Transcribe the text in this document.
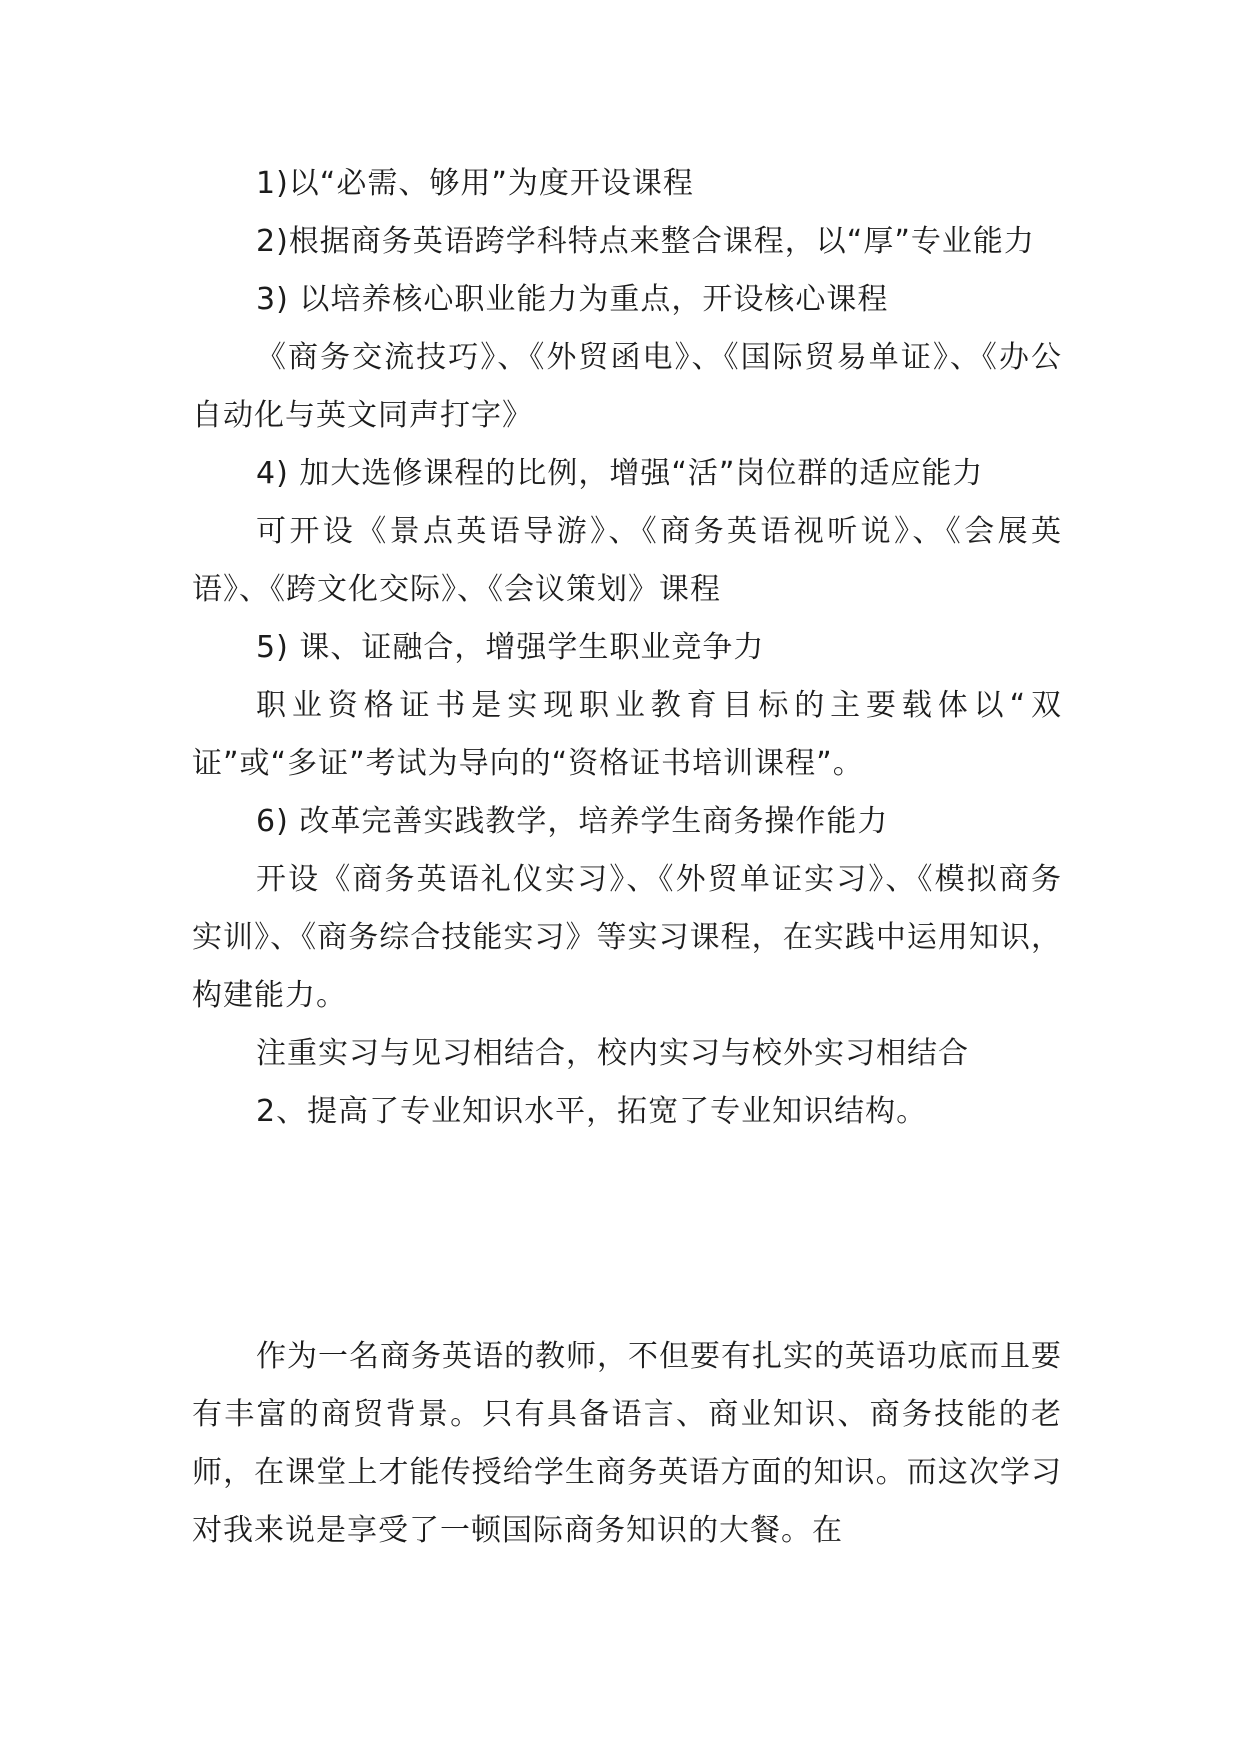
1)以“必需、够用”为度开设课程

2)根据商务英语跨学科特点来整合课程，以“厚”专业能力

3) 以培养核心职业能力为重点，开设核心课程

《商务交流技巧》、《外贸函电》、《国际贸易单证》、《办公自动化与英文同声打字》

4) 加大选修课程的比例，增强“活”岗位群的适应能力

可开设《景点英语导游》、《商务英语视听说》、《会展英语》、《跨文化交际》、《会议策划》课程

5) 课、证融合，增强学生职业竞争力

职业资格证书是实现职业教育目标的主要载体以“双证”或“多证”考试为导向的“资格证书培训课程”。

6) 改革完善实践教学，培养学生商务操作能力

开设《商务英语礼仪实习》、《外贸单证实习》、《模拟商务实训》、《商务综合技能实习》等实习课程，在实践中运用知识，构建能力。

注重实习与见习相结合，校内实习与校外实习相结合

2、提高了专业知识水平，拓宽了专业知识结构。

作为一名商务英语的教师，不但要有扎实的英语功底而且要有丰富的商贸背景。只有具备语言、商业知识、商务技能的老师，在课堂上才能传授给学生商务英语方面的知识。而这次学习对我来说是享受了一顿国际商务知识的大餐。在
